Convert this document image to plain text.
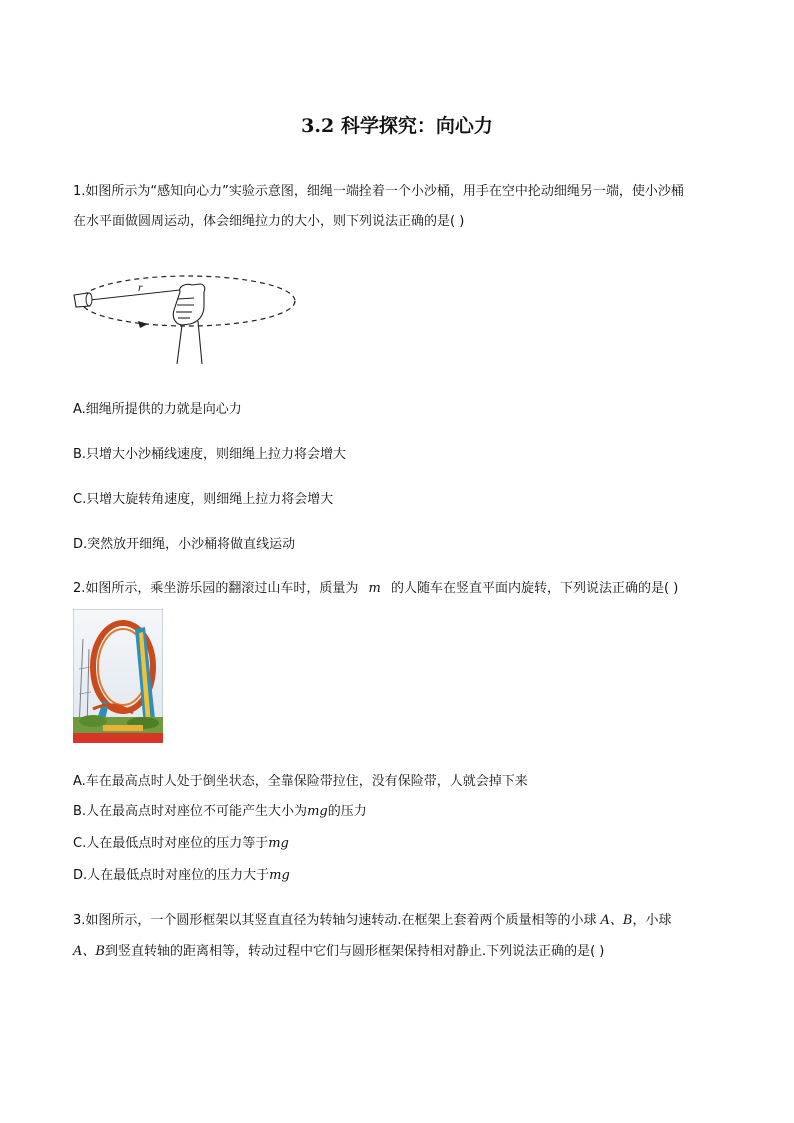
3.2 科学探究：向心力
1.如图所示为“感知向心力”实验示意图，细绳一端拴着一个小沙桶，用手在空中抡动细绳另一端，使小沙桶
在水平面做圆周运动，体会细绳拉力的大小，则下列说法正确的是( )
r
A.细绳所提供的力就是向心力
B.只增大小沙桶线速度，则细绳上拉力将会增大
C.只增大旋转角速度，则细绳上拉力将会增大
D.突然放开细绳，小沙桶将做直线运动
2.如图所示，乘坐游乐园的翻滚过山车时，质量为 m 的人随车在竖直平面内旋转，下列说法正确的是( )
A.车在最高点时人处于倒坐状态，全靠保险带拉住，没有保险带，人就会掉下来
B.人在最高点时对座位不可能产生大小为mg的压力
C.人在最低点时对座位的压力等于mg
D.人在最低点时对座位的压力大于mg
3.如图所示，一个圆形框架以其竖直直径为转轴匀速转动.在框架上套着两个质量相等的小球 A、B，小球
A、B到竖直转轴的距离相等，转动过程中它们与圆形框架保持相对静止.下列说法正确的是( )
